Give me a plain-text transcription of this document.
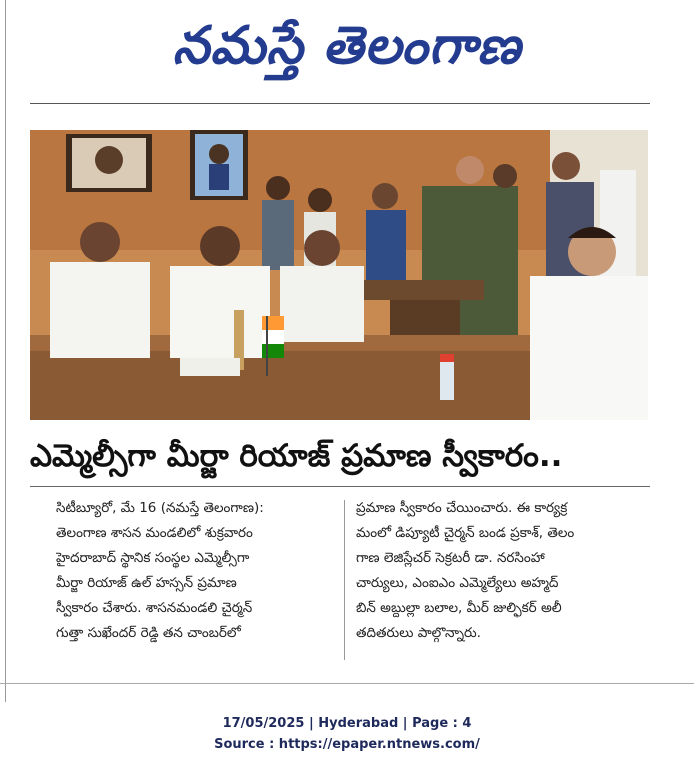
నమస్తే తెలంగాణ
ఎమ్మెల్సీగా మీర్జా రియాజ్ ప్రమాణ స్వీకారం..

సిటీబ్యూరో, మే 16 (నమస్తే తెలంగాణ):

తెలంగాణ శాసన మండలిలో శుక్రవారం

హైదరాబాద్ స్థానిక సంస్థల ఎమ్మెల్సీగా

మీర్జా రియాజ్ ఉల్ హస్సన్ ప్రమాణ

స్వీకారం చేశారు. శాసనమండలి చైర్మన్

గుత్తా సుఖేందర్ రెడ్డి తన చాంబర్‌లో

ప్రమాణ స్వీకారం చేయించారు. ఈ కార్యక్ర

మంలో డిప్యూటీ చైర్మన్ బండ ప్రకాశ్, తెలం

గాణ లెజిస్లేచర్ సెక్రటరీ డా. నరసింహా

చార్యులు, ఎంఐఎం ఎమ్మెల్యేలు అహ్మద్

బిన్ అబ్దుల్లా బలాల, మీర్ జుల్ఫికర్ అలీ

తదితరులు పాల్గొన్నారు.

17/05/2025 | Hyderabad | Page : 4
Source : https://epaper.ntnews.com/
